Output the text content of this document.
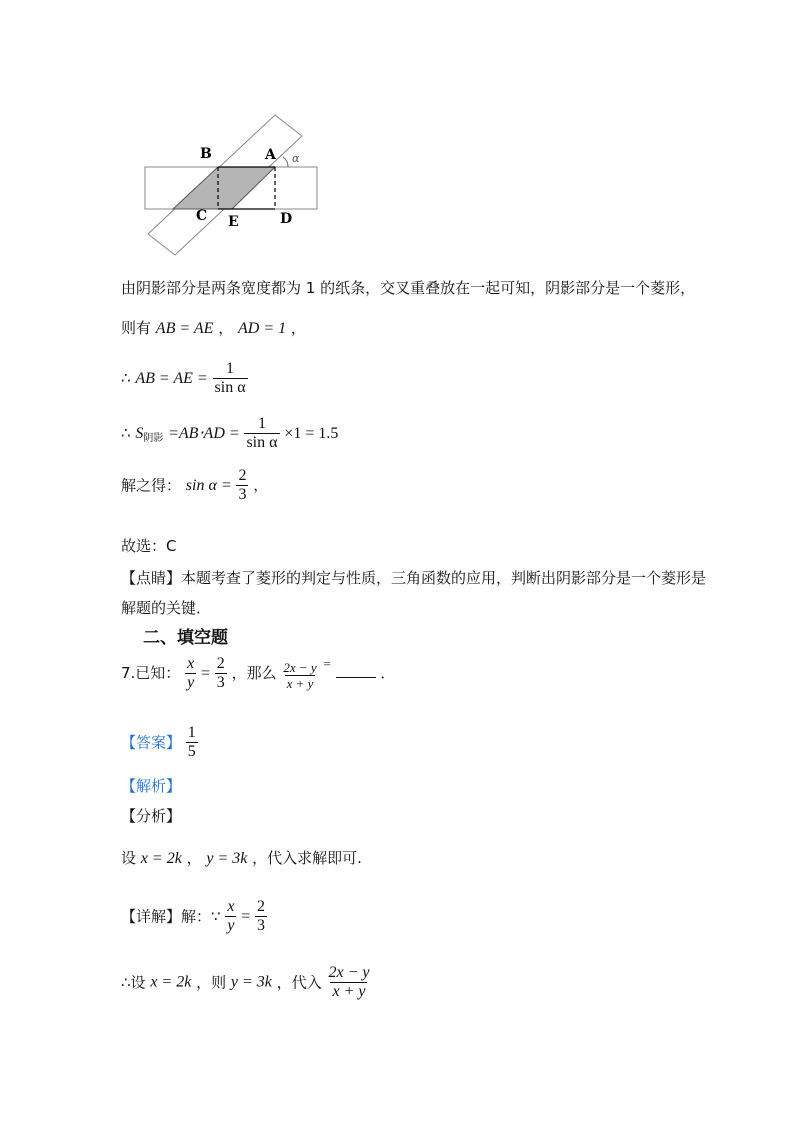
B	A
C E	D
α
由阴影部分是两条宽度都为 1 的纸条，交叉重叠放在一起可知，阴影部分是一个菱形，
则有 AB = AE ， AD = 1 ，
∴ AB = AE = $\frac{1}{\text{sin α}}$
∴ $S_{阴影} =AB\cdot AD = \frac{1}{\text{sin α}} \times 1 = 1.5$
解之得： $\sin \alpha = \frac{2}{3}$ ，
故选：C
【点睛】本题考查了菱形的判定与性质，三角函数的应用，判断出阴影部分是一个菱形是
解题的关键．
二、填空题
7.已知： $\frac{x}{y} = \frac{2}{3}$ ，那么 $\frac{2x - y}{x + y}$ =  ．
【答案】 $\frac{1}{5}$
【解析】
【分析】
设 x = 2k ， y = 3k ，代入求解即可.
【详解】解：∵ $\frac{x}{y} = \frac{2}{3}$
∴设 x = 2k ，则 y = 3k ，代入 $\frac{2x - y}{x + y}$
